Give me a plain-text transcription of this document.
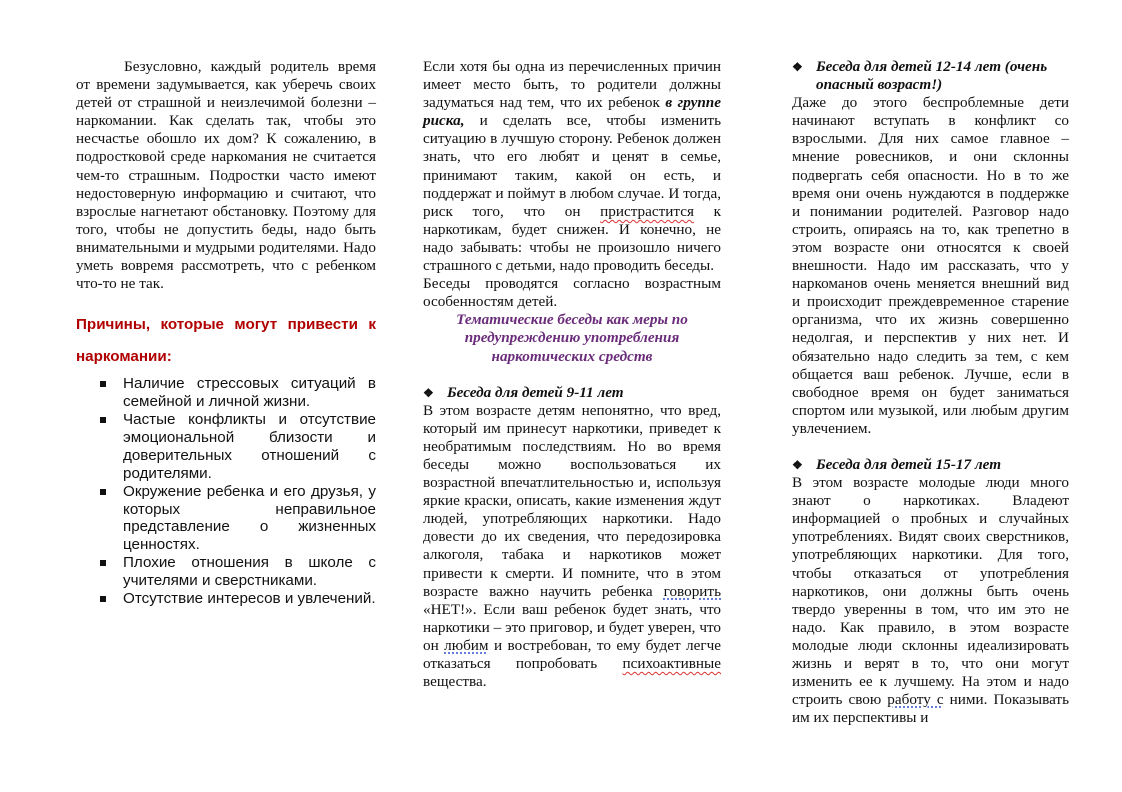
Безусловно, каждый родитель время от времени задумывается, как уберечь своих детей от страшной и неизлечимой болезни – наркомании. Как сделать так, чтобы это несчастье обошло их дом? К сожалению, в подростковой среде наркомания не считается чем-то страшным. Подростки часто имеют недостоверную информацию и считают, что взрослые нагнетают обстановку. Поэтому для того, чтобы не допустить беды, надо быть внимательными и мудрыми родителями. Надо уметь вовремя рассмотреть, что с ребенком что-то не так.

Причины, которые могут привести к наркомании:
Наличие стрессовых ситуаций в семейной и личной жизни.
Частые конфликты и отсутствие эмоциональной близости и доверительных отношений с родителями.
Окружение ребенка и его друзья, у которых неправильное представление о жизненных ценностях.
Плохие отношения в школе с учителями и сверстниками.
Отсутствие интересов и увлечений.

Если хотя бы одна из перечисленных причин имеет место быть, то родители должны задуматься над тем, что их ребенок в группе риска, и сделать все, чтобы изменить ситуацию в лучшую сторону. Ребенок должен знать, что его любят и ценят в семье, принимают таким, какой он есть, и поддержат и поймут в любом случае. И тогда, риск того, что он пристрастится к наркотикам, будет снижен. И конечно, не надо забывать: чтобы не произошло ничего страшного с детьми, надо проводить беседы.

Беседы проводятся согласно возрастным особенностям детей.

Тематические беседы как меры по предупреждению употребления наркотических средств

❖ Беседа для детей 9-11 лет

В этом возрасте детям непонятно, что вред, который им принесут наркотики, приведет к необратимым последствиям. Но во время беседы можно воспользоваться их возрастной впечатлительностью и, используя яркие краски, описать, какие изменения ждут людей, употребляющих наркотики. Надо довести до их сведения, что передозировка алкоголя, табака и наркотиков может привести к смерти. И помните, что в этом возрасте важно научить ребенка говорить «НЕТ!». Если ваш ребенок будет знать, что наркотики – это приговор, и будет уверен, что он любим и востребован, то ему будет легче отказаться попробовать психоактивные вещества.

❖ Беседа для детей 12-14 лет (очень опасный возраст!)

Даже до этого беспроблемные дети начинают вступать в конфликт со взрослыми. Для них самое главное – мнение ровесников, и они склонны подвергать себя опасности. Но в то же время они очень нуждаются в поддержке и понимании родителей. Разговор надо строить, опираясь на то, как трепетно в этом возрасте они относятся к своей внешности. Надо им рассказать, что у наркоманов очень меняется внешний вид и происходит преждевременное старение организма, что их жизнь совершенно недолгая, и перспектив у них нет. И обязательно надо следить за тем, с кем общается ваш ребенок. Лучше, если в свободное время он будет заниматься спортом или музыкой, или любым другим увлечением.

❖ Беседа для детей 15-17 лет

В этом возрасте молодые люди много знают о наркотиках. Владеют информацией о пробных и случайных употреблениях. Видят своих сверстников, употребляющих наркотики. Для того, чтобы отказаться от употребления наркотиков, они должны быть очень твердо уверенны в том, что им это не надо. Как правило, в этом возрасте молодые люди склонны идеализировать жизнь и верят в то, что они могут изменить ее к лучшему. На этом и надо строить свою работу с ними. Показывать им их перспективы и
